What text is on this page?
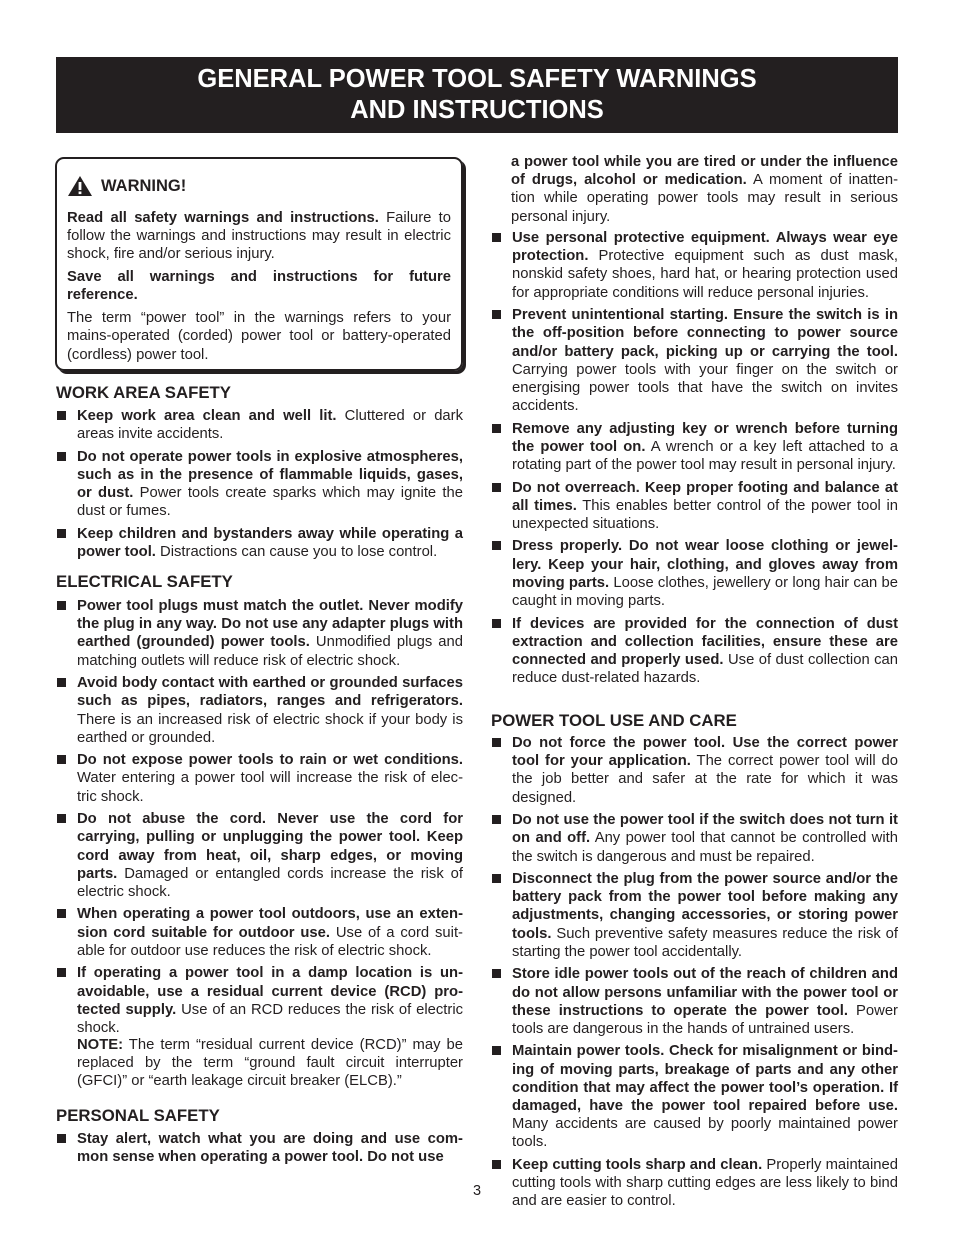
GENERAL POWER TOOL SAFETY WARNINGS
AND INSTRUCTIONS
WARNING!

Read all safety warnings and instructions. Failure to follow the warnings and instructions may result in electric shock, fire and/or serious injury.

Save all warnings and instructions for future reference.

The term “power tool” in the warnings refers to your mains-operated (corded) power tool or battery-operated (cordless) power tool.

WORK AREA SAFETY
Keep work area clean and well lit. Cluttered or dark areas invite accidents.
Do not operate power tools in explosive atmospheres, such as in the presence of flammable liquids, gases, or dust. Power tools create sparks which may ignite the dust or fumes.
Keep children and bystanders away while operating a power tool. Distractions can cause you to lose control.
ELECTRICAL SAFETY
Power tool plugs must match the outlet. Never modify the plug in any way. Do not use any adapter plugs with earthed (grounded) power tools. Unmodified plugs and matching outlets will reduce risk of electric shock.
Avoid body contact with earthed or grounded surfaces such as pipes, radiators, ranges and refrigerators. There is an increased risk of electric shock if your body is earthed or grounded.
Do not expose power tools to rain or wet conditions. Water entering a power tool will increase the risk of elec-tric shock.
Do not abuse the cord. Never use the cord for carrying, pulling or unplugging the power tool. Keep cord away from heat, oil, sharp edges, or moving parts. Damaged or entangled cords increase the risk of electric shock.
When operating a power tool outdoors, use an exten-sion cord suitable for outdoor use. Use of a cord suit-able for outdoor use reduces the risk of electric shock.
If operating a power tool in a damp location is un-avoidable, use a residual current device (RCD) pro-tected supply. Use of an RCD reduces the risk of electric shock.
NOTE: The term “residual current device (RCD)” may be replaced by the term “ground fault circuit interrupter (GFCI)” or “earth leakage circuit breaker (ELCB).”
PERSONAL SAFETY
Stay alert, watch what you are doing and use com-mon sense when operating a power tool. Do not use
a power tool while you are tired or under the influence of drugs, alcohol or medication. A moment of inatten-tion while operating power tools may result in serious personal injury.
Use personal protective equipment. Always wear eye protection. Protective equipment such as dust mask, nonskid safety shoes, hard hat, or hearing protection used for appropriate conditions will reduce personal injuries.
Prevent unintentional starting. Ensure the switch is in the off-position before connecting to power source and/or battery pack, picking up or carrying the tool. Carrying power tools with your finger on the switch or energising power tools that have the switch on invites accidents.
Remove any adjusting key or wrench before turning the power tool on. A wrench or a key left attached to a rotating part of the power tool may result in personal injury.
Do not overreach. Keep proper footing and balance at all times. This enables better control of the power tool in unexpected situations.
Dress properly. Do not wear loose clothing or jewel-lery. Keep your hair, clothing, and gloves away from moving parts. Loose clothes, jewellery or long hair can be caught in moving parts.
If devices are provided for the connection of dust extraction and collection facilities, ensure these are connected and properly used. Use of dust collection can reduce dust-related hazards.
POWER TOOL USE AND CARE
Do not force the power tool. Use the correct power tool for your application. The correct power tool will do the job better and safer at the rate for which it was designed.
Do not use the power tool if the switch does not turn it on and off. Any power tool that cannot be controlled with the switch is dangerous and must be repaired.
Disconnect the plug from the power source and/or the battery pack from the power tool before making any adjustments, changing accessories, or storing power tools. Such preventive safety measures reduce the risk of starting the power tool accidentally.
Store idle power tools out of the reach of children and do not allow persons unfamiliar with the power tool or these instructions to operate the power tool. Power tools are dangerous in the hands of untrained users.
Maintain power tools. Check for misalignment or bind-ing of moving parts, breakage of parts and any other condition that may affect the power tool’s operation. If damaged, have the power tool repaired before use. Many accidents are caused by poorly maintained power tools.
Keep cutting tools sharp and clean. Properly maintained cutting tools with sharp cutting edges are less likely to bind and are easier to control.
3
